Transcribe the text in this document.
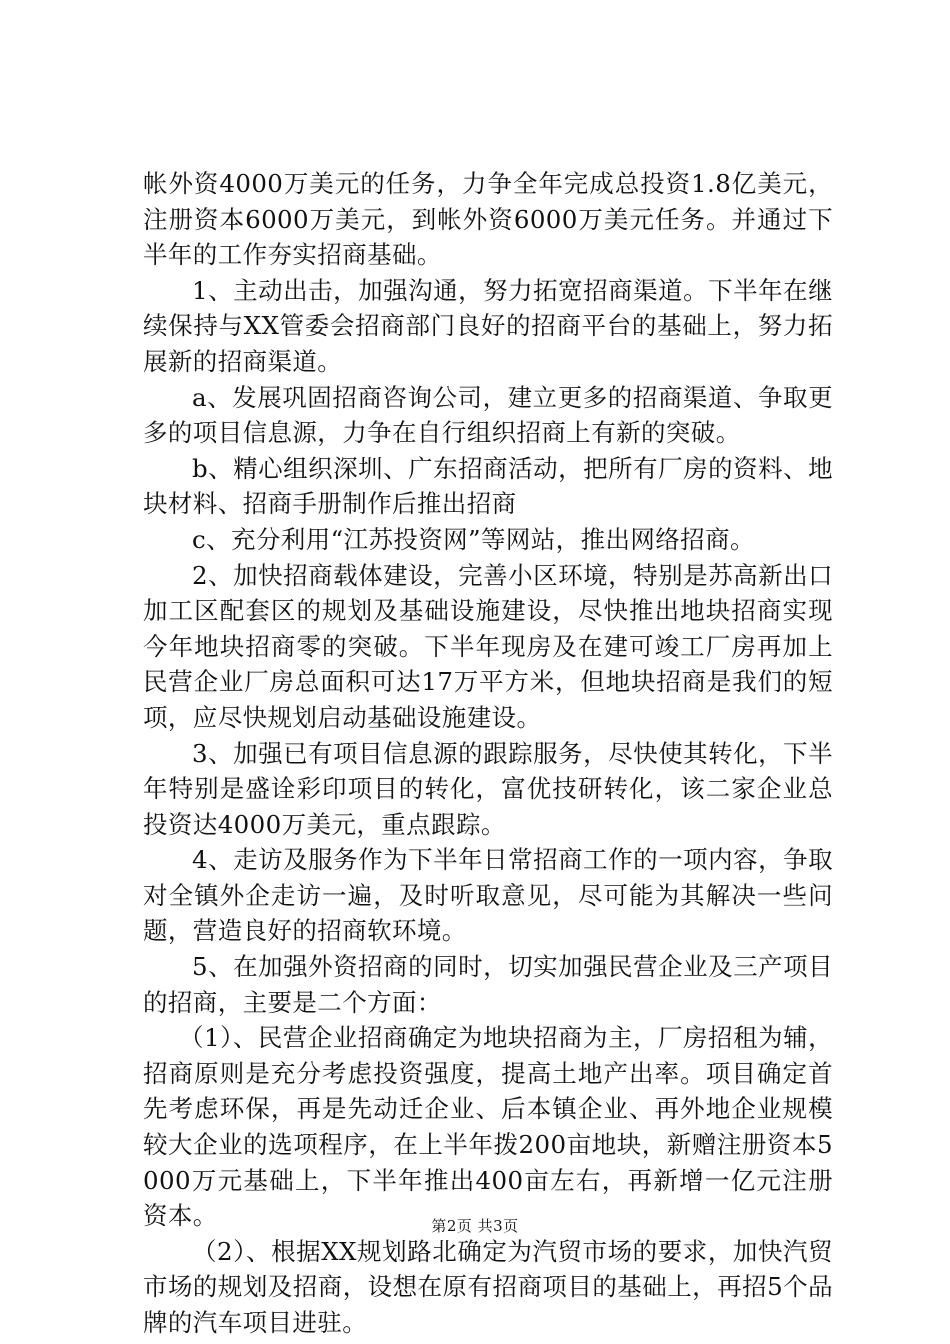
帐外资4000万美元的任务，力争全年完成总投资1.8亿美元，注册资本6000万美元，到帐外资6000万美元任务。并通过下半年的工作夯实招商基础。

1、主动出击，加强沟通，努力拓宽招商渠道。下半年在继续保持与XX管委会招商部门良好的招商平台的基础上，努力拓展新的招商渠道。

a、发展巩固招商咨询公司，建立更多的招商渠道、争取更多的项目信息源，力争在自行组织招商上有新的突破。

b、精心组织深圳、广东招商活动，把所有厂房的资料、地块材料、招商手册制作后推出招商

c、充分利用“江苏投资网”等网站，推出网络招商。

2、加快招商载体建设，完善小区环境，特别是苏高新出口加工区配套区的规划及基础设施建设，尽快推出地块招商实现今年地块招商零的突破。下半年现房及在建可竣工厂房再加上民营企业厂房总面积可达17万平方米，但地块招商是我们的短项，应尽快规划启动基础设施建设。

3、加强已有项目信息源的跟踪服务，尽快使其转化，下半年特别是盛诠彩印项目的转化，富优技研转化，该二家企业总投资达4000万美元，重点跟踪。

4、走访及服务作为下半年日常招商工作的一项内容，争取对全镇外企走访一遍，及时听取意见，尽可能为其解决一些问题，营造良好的招商软环境。

5、在加强外资招商的同时，切实加强民营企业及三产项目的招商，主要是二个方面：

（1）、民营企业招商确定为地块招商为主，厂房招租为辅，招商原则是充分考虑投资强度，提高土地产出率。项目确定首先考虑环保，再是先动迁企业、后本镇企业、再外地企业规模较大企业的选项程序，在上半年拨200亩地块，新赠注册资本5000万元基础上，下半年推出400亩左右，再新增一亿元注册资本。

（2）、根据XX规划路北确定为汽贸市场的要求，加快汽贸市场的规划及招商，设想在原有招商项目的基础上，再招5个品牌的汽车项目进驻。

第2页 共3页
